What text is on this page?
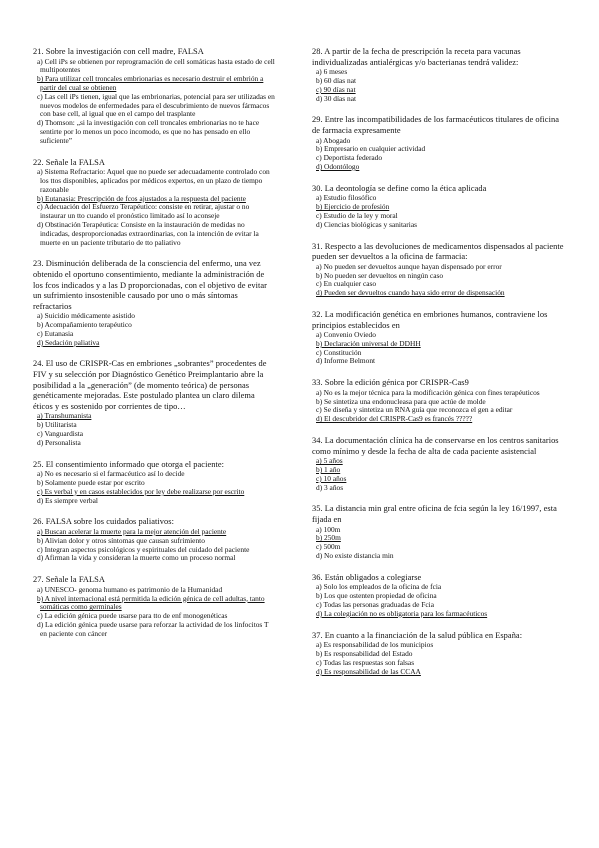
21. Sobre la investigación con cell madre, FALSA
a) Cell iPs se obtienen por reprogramación de cell somáticas hasta estado de cell multipotentes
b) Para utilizar cell troncales embrionarias es necesario destruir el embrión a partir del cual se obtienen
c) Las cell iPs tienen, igual que las embrionarias, potencial para ser utilizadas en nuevos modelos de enfermedades para el descubrimiento de nuevos fármacos con base cell, al igual que en el campo del trasplante
d) Thomson: „si la investigación con cell troncales embrionarias no te hace sentirte por lo menos un poco incomodo, es que no has pensado en ello suficiente”
22. Señale la FALSA
a) Sistema Refractario: Aquel que no puede ser adecuadamente controlado con los ttos disponibles, aplicados por médicos expertos, en un plazo de tiempo razonable
b) Eutanasia: Prescripción de fcos ajustados a la respuesta del paciente
c) Adecuación del Esfuerzo Terapéutico: consiste en retirar, ajustar o no instaurar un tto cuando el pronóstico limitado así lo aconseje
d) Obstinación Terapéutica: Consiste en la instauración de medidas no indicadas, desproporcionadas extraordinarias, con la intención de evitar la muerte en un paciente tributario de tto paliativo
23. Disminución deliberada de la consciencia del enfermo, una vez obtenido el oportuno consentimiento, mediante la administración de los fcos indicados y a las D proporcionadas, con el objetivo de evitar un sufrimiento insostenible causado por uno o más síntomas refractarios
a) Suicidio médicamente asistido
b) Acompañamiento terapéutico
c) Eutanasia
d) Sedación paliativa
24. El uso de CRISPR-Cas en embriones „sobrantes” procedentes de FIV y su selección por Diagnóstico Genético Preimplantario abre la posibilidad a la „generación” (de momento teórica) de personas genéticamente mejoradas. Este postulado plantea un claro dilema éticos y es sostenido por corrientes de tipo…
a) Transhumanista
b) Utilitarista
c) Vanguardista
d) Personalista
25. El consentimiento informado que otorga el paciente:
a) No es necesario si el farmacéutico así lo decide
b) Solamente puede estar por escrito
c) Es verbal y en casos establecidos por ley debe realizarse por escrito
d) Es siempre verbal
26. FALSA sobre los cuidados paliativos:
a) Buscan acelerar la muerte para la mejor atención del paciente
b) Alivian dolor y otros síntomas que causan sufrimiento
c) Integran aspectos psicológicos y espirituales del cuidado del paciente
d) Afirman la vida y consideran la muerte como un proceso normal
27. Señale la FALSA
a) UNESCO- genoma humano es patrimonio de la Humanidad
b) A nivel internacional está permitida la edición génica de cell adultas, tanto somáticas como germinales
c) La edición génica puede usarse para tto de enf monogenéticas
d) La edición génica puede usarse para reforzar la actividad de los linfocitos T en paciente con cáncer
28. A partir de la fecha de prescripción la receta para vacunas individualizadas antialérgicas y/o bacterianas tendrá validez:
a) 6 meses
b) 60 días nat
c) 90 días nat
d) 30 días nat
29. Entre las incompatibilidades de los farmacéuticos titulares de oficina de farmacia expresamente
a) Abogado
b) Empresario en cualquier actividad
c) Deportista federado
d) Odontólogo
30. La deontología se define como la ética aplicada
a) Estudio filosófico
b) Ejercicio de profesión
c) Estudio de la ley y moral
d) Ciencias biológicas y sanitarias
31. Respecto a las devoluciones de medicamentos dispensados al paciente pueden ser devueltos a la oficina de farmacia:
a) No pueden ser devueltos aunque hayan dispensado por error
b) No pueden ser devueltos en ningún caso
c) En cualquier caso
d) Pueden ser devueltos cuando haya sido error de dispensación
32. La modificación genética en embriones humanos, contraviene los principios establecidos en
a) Convenio Oviedo
b) Declaración universal de DDHH
c) Constitución
d) Informe Belmont
33. Sobre la edición génica por CRISPR-Cas9
a) No es la mejor técnica para la modificación génica con fines terapéuticos
b) Se sintetiza una endonucleasa para que actúe de molde
c) Se diseña y sintetiza un RNA guía que reconozca el gen a editar
d) El descubridor del CRISPR-Cas9 es francés ?????
34. La documentación clínica ha de conservarse en los centros sanitarios como mínimo y desde la fecha de alta de cada paciente asistencial
a) 5 años
b) 1 año
c) 10 años
d) 3 años
35. La distancia min gral entre oficina de fcia según la ley 16/1997, esta fijada en
a) 100m
b) 250m
c) 500m
d) No existe distancia min
36. Están obligados a colegiarse
a) Solo los empleados de la oficina de fcia
b) Los que ostenten propiedad de oficina
c) Todas las personas graduadas de Fcia
d) La colegiación no es obligatoria para los farmacéuticos
37. En cuanto a la financiación de la salud pública en España:
a) Es responsabilidad de los municipios
b) Es responsabilidad del Estado
c) Todas las respuestas son falsas
d) Es responsabilidad de las CCAA
